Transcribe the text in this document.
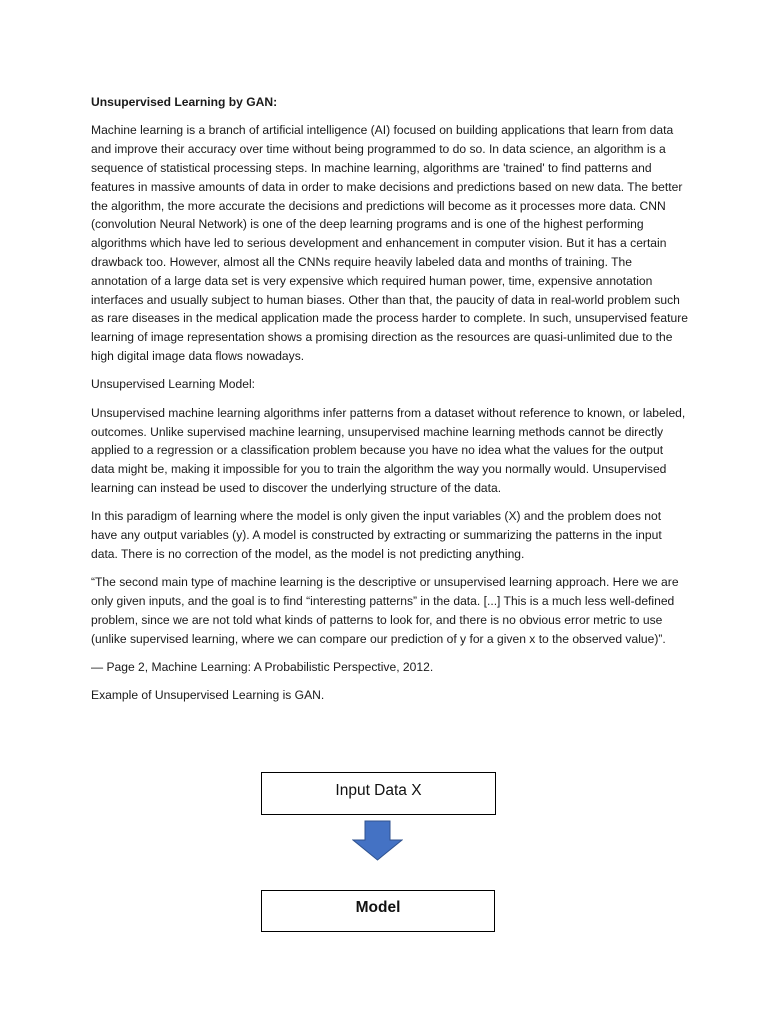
Unsupervised Learning by GAN:

Machine learning is a branch of artificial intelligence (AI) focused on building applications that learn from data and improve their accuracy over time without being programmed to do so. In data science, an algorithm is a sequence of statistical processing steps. In machine learning, algorithms are 'trained' to find patterns and features in massive amounts of data in order to make decisions and predictions based on new data. The better the algorithm, the more accurate the decisions and predictions will become as it processes more data. CNN (convolution Neural Network) is one of the deep learning programs and is one of the highest performing algorithms which have led to serious development and enhancement in computer vision. But it has a certain drawback too. However, almost all the CNNs require heavily labeled data and months of training. The annotation of a large data set is very expensive which required human power, time, expensive annotation interfaces and usually subject to human biases. Other than that, the paucity of data in real-world problem such as rare diseases in the medical application made the process harder to complete. In such, unsupervised feature learning of image representation shows a promising direction as the resources are quasi-unlimited due to the high digital image data flows nowadays.

Unsupervised Learning Model:

Unsupervised machine learning algorithms infer patterns from a dataset without reference to known, or labeled, outcomes. Unlike supervised machine learning, unsupervised machine learning methods cannot be directly applied to a regression or a classification problem because you have no idea what the values for the output data might be, making it impossible for you to train the algorithm the way you normally would. Unsupervised learning can instead be used to discover the underlying structure of the data.

In this paradigm of learning where the model is only given the input variables (X) and the problem does not have any output variables (y). A model is constructed by extracting or summarizing the patterns in the input data. There is no correction of the model, as the model is not predicting anything.

“The second main type of machine learning is the descriptive or unsupervised learning approach. Here we are only given inputs, and the goal is to find “interesting patterns” in the data. [...] This is a much less well-defined problem, since we are not told what kinds of patterns to look for, and there is no obvious error metric to use (unlike supervised learning, where we can compare our prediction of y for a given x to the observed value)”.

— Page 2, Machine Learning: A Probabilistic Perspective, 2012.

Example of Unsupervised Learning is GAN.

Input Data X
Model
